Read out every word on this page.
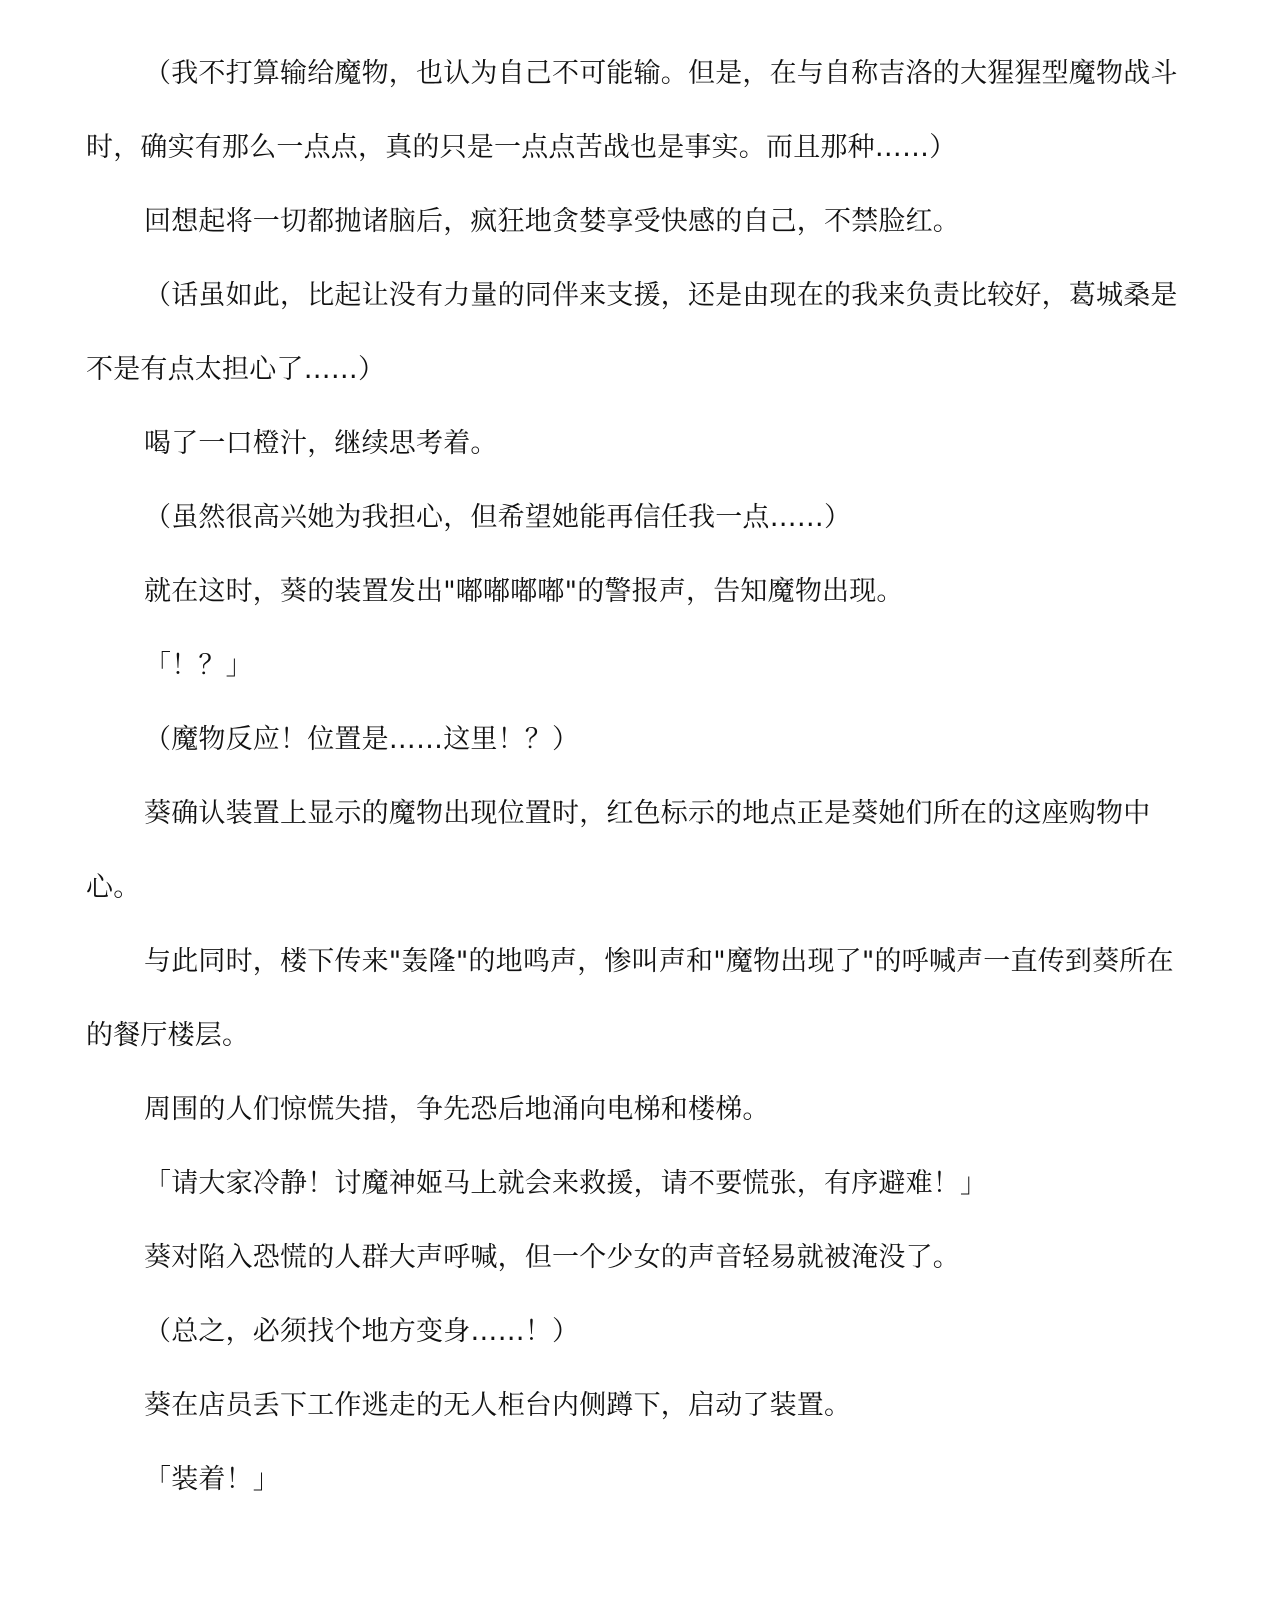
（我不打算输给魔物，也认为自己不可能输。但是，在与自称吉洛的大猩猩型魔物战斗时，确实有那么一点点，真的只是一点点苦战也是事实。而且那种……）

回想起将一切都抛诸脑后，疯狂地贪婪享受快感的自己，不禁脸红。

（话虽如此，比起让没有力量的同伴来支援，还是由现在的我来负责比较好，葛城桑是不是有点太担心了……）

喝了一口橙汁，继续思考着。

（虽然很高兴她为我担心，但希望她能再信任我一点……）

就在这时，葵的装置发出"嘟嘟嘟嘟"的警报声，告知魔物出现。

「！？」

（魔物反应！位置是……这里！？）

葵确认装置上显示的魔物出现位置时，红色标示的地点正是葵她们所在的这座购物中心。

与此同时，楼下传来"轰隆"的地鸣声，惨叫声和"魔物出现了"的呼喊声一直传到葵所在的餐厅楼层。

周围的人们惊慌失措，争先恐后地涌向电梯和楼梯。

「请大家冷静！讨魔神姬马上就会来救援，请不要慌张，有序避难！」

葵对陷入恐慌的人群大声呼喊，但一个少女的声音轻易就被淹没了。

（总之，必须找个地方变身……！）

葵在店员丢下工作逃走的无人柜台内侧蹲下，启动了装置。

「装着！」
